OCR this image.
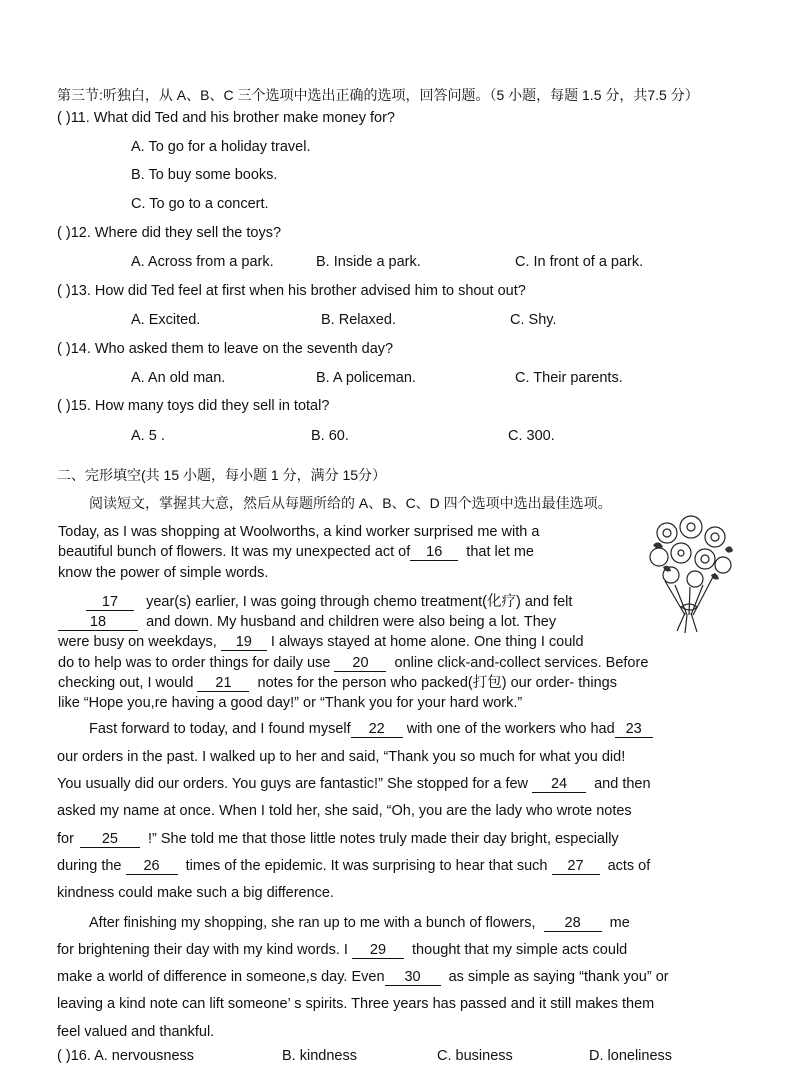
第三节:听独白，从 A、B、C 三个选项中选出正确的选项，回答问题。（5 小题，每题 1.5 分，共7.5 分）
( )11. What did Ted and his brother make money for?
A. To go for a holiday travel.
B. To buy some books.
C. To go to a concert.
( )12. Where did they sell the toys?
A. Across from a park.	B. Inside a park.	C. In front of a park.
( )13. How did Ted feel at first when his brother advised him to shout out?
A. Excited.	B. Relaxed.	C. Shy.
( )14. Who asked them to leave on the seventh day?
A. An old man.	B. A policeman.	C. Their parents.
( )15. How many toys did they sell in total?
A. 5 .	B. 60.	C. 300.
二、完形填空(共 15 小题，每小题 1 分，满分 15分）
阅读短文，掌握其大意，然后从每题所给的 A、B、C、D 四个选项中选出最佳选项。
Today, as I was shopping at Woolworths, a kind worker surprised me with a
beautiful bunch of flowers. It was my unexpected act of 16 that let me
know the power of simple words.
17 year(s) earlier, I was going through chemo treatment(化疗) and felt
18	and down. My husband and children were also being a lot. They
were busy on weekdays, 19 I always stayed at home alone. One thing I could
do to help was to order things for daily use 20 online click-and-collect services. Before
checking out, I would 21 notes for the person who packed(打包) our order- things
like “Hope you,re having a good day!” or “Thank you for your hard work.”
Fast forward to today, and I found myself 22 with one of the workers who had 23
our orders in the past. I walked up to her and said, “Thank you so much for what you did!
You usually did our orders. You guys are fantastic!” She stopped for a few 24 and then
asked my name at once. When I told her, she said, “Oh, you are the lady who wrote notes
for 25 !” She told me that those little notes truly made their day bright, especially
during the 26 times of the epidemic. It was surprising to hear that such 27 acts of
kindness could make such a big difference.
After finishing my shopping, she ran up to me with a bunch of flowers, 28 me
for brightening their day with my kind words. I 29 thought that my simple acts could
make a world of difference in someone,s day. Even 30 as simple as saying “thank you” or
leaving a kind note can lift someone’ s spirits. Three years has passed and it still makes them
feel valued and thankful.
( )16. A. nervousness	B. kindness	C. business	D. loneliness
